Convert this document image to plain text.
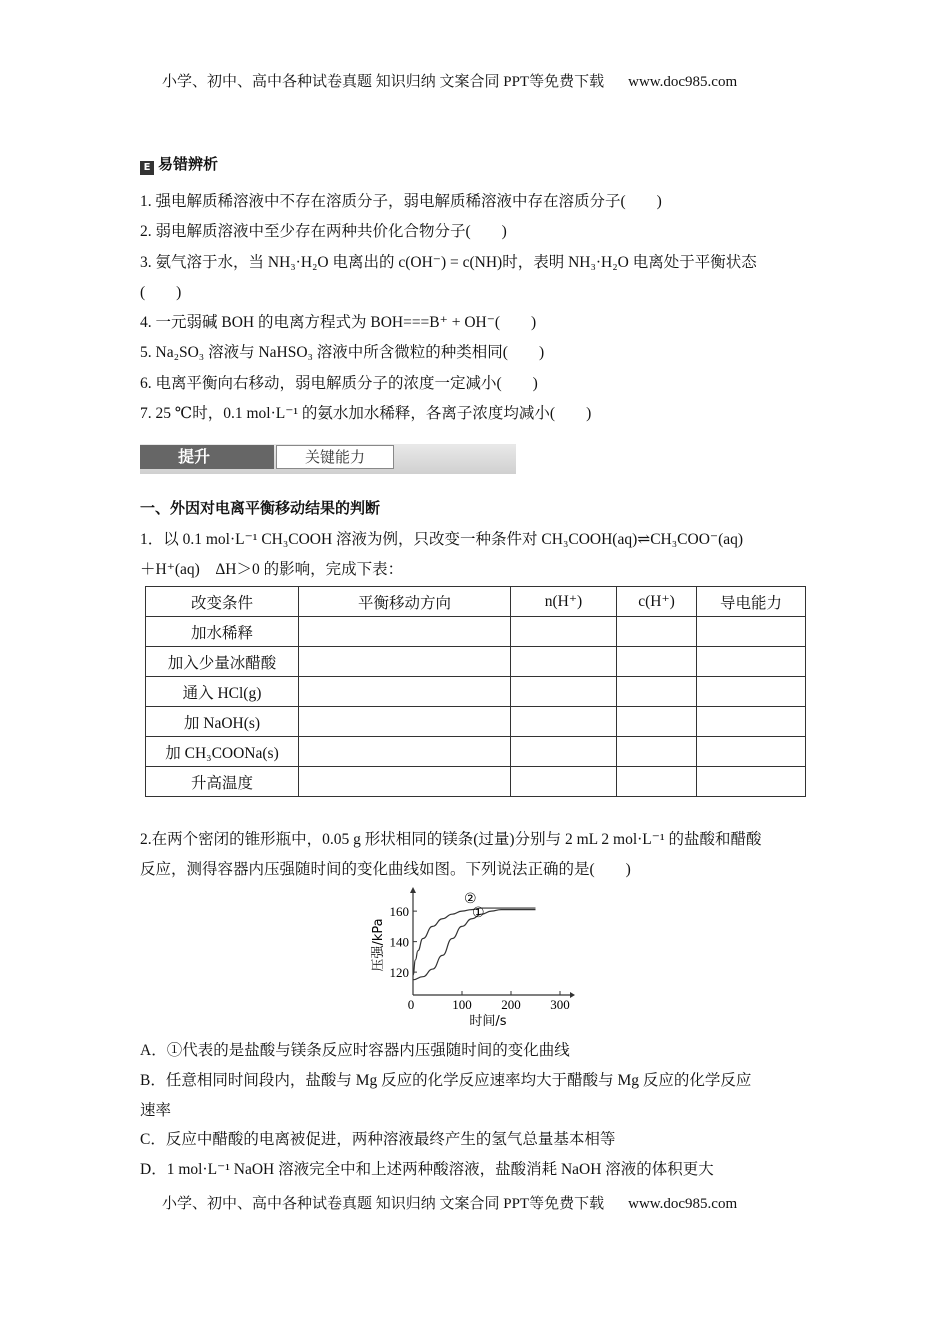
小学、初中、高中各种试卷真题 知识归纳 文案合同 PPT等免费下载 www.doc985.com
E 易错辨析
1. 强电解质稀溶液中不存在溶质分子，弱电解质稀溶液中存在溶质分子(　　)
2. 弱电解质溶液中至少存在两种共价化合物分子(　　)
3. 氨气溶于水，当 NH₃·H₂O 电离出的 c(OH⁻) = c(NH)时，表明 NH₃·H₂O 电离处于平衡状态
(　　)
4. 一元弱碱 BOH 的电离方程式为 BOH===B⁺ + OH⁻(　　)
5. Na₂SO₃ 溶液与 NaHSO₃ 溶液中所含微粒的种类相同(　　)
6. 电离平衡向右移动，弱电解质分子的浓度一定减小(　　)
7. 25 ℃时，0.1 mol·L⁻¹ 的氨水加水稀释，各离子浓度均减小(　　)
提升	关键能力
一、外因对电离平衡移动结果的判断
1．以 0.1 mol·L⁻¹ CH₃COOH 溶液为例，只改变一种条件对 CH₃COOH(aq)⇌CH₃COO⁻(aq)
＋H⁺(aq)　ΔH＞0 的影响，完成下表：
改变条件	平衡移动方向	n(H⁺)	c(H⁺)	导电能力
加水稀释				
加入少量冰醋酸				
通入 HCl(g)				
加 NaOH(s)				
加 CH₃COONa(s)				
升高温度				
2.在两个密闭的锥形瓶中，0.05 g 形状相同的镁条(过量)分别与 2 mL 2 mol·L⁻¹ 的盐酸和醋酸
反应，测得容器内压强随时间的变化曲线如图。下列说法正确的是(　　)
0	100 200 300
120
140
160
时间/s
压强/kPa
①
②
A．①代表的是盐酸与镁条反应时容器内压强随时间的变化曲线
B．任意相同时间段内，盐酸与 Mg 反应的化学反应速率均大于醋酸与 Mg 反应的化学反应
速率
C．反应中醋酸的电离被促进，两种溶液最终产生的氢气总量基本相等
D．1 mol·L⁻¹ NaOH 溶液完全中和上述两种酸溶液，盐酸消耗 NaOH 溶液的体积更大
小学、初中、高中各种试卷真题 知识归纳 文案合同 PPT等免费下载 www.doc985.com
